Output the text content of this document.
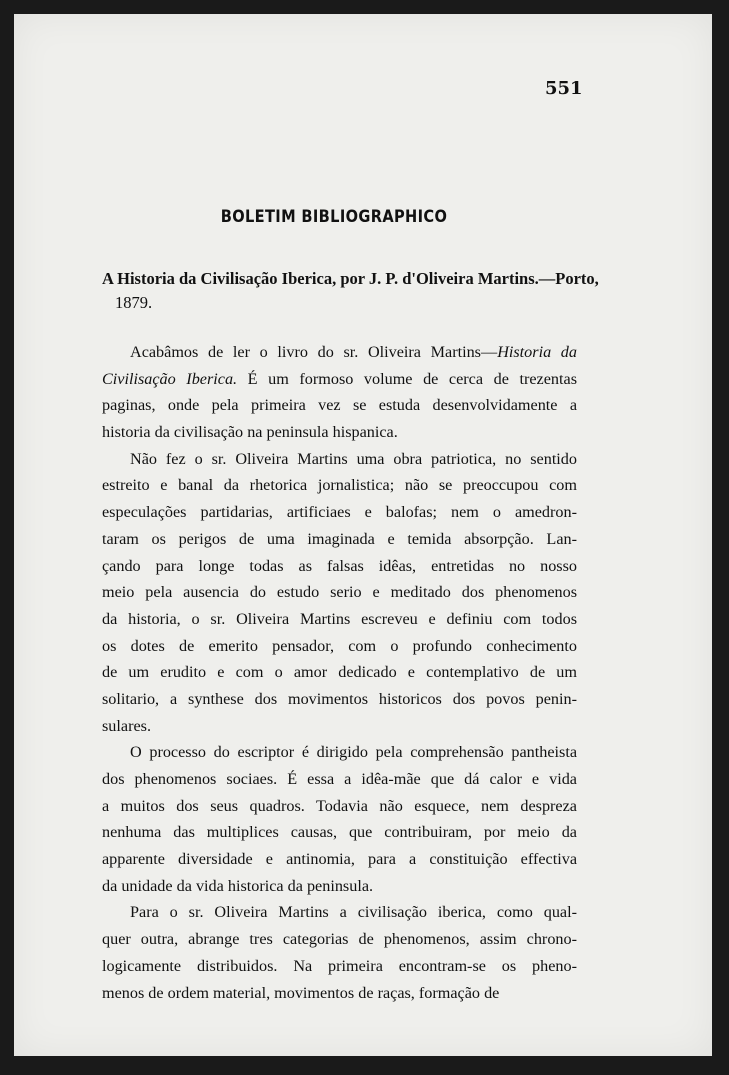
551
BOLETIM BIBLIOGRAPHICO
A Historia da Civilisação Iberica, por J. P. d'Oliveira Martins.—Porto,
1879.
Acabâmos de ler o livro do sr. Oliveira Martins—Historia da
Civilisação Iberica. É um formoso volume de cerca de trezentas
paginas, onde pela primeira vez se estuda desenvolvidamente a
historia da civilisação na peninsula hispanica.
Não fez o sr. Oliveira Martins uma obra patriotica, no sentido
estreito e banal da rhetorica jornalistica; não se preoccupou com
especulações partidarias, artificiaes e balofas; nem o amedron-
taram os perigos de uma imaginada e temida absorpção. Lan-
çando para longe todas as falsas idêas, entretidas no nosso
meio pela ausencia do estudo serio e meditado dos phenomenos
da historia, o sr. Oliveira Martins escreveu e definiu com todos
os dotes de emerito pensador, com o profundo conhecimento
de um erudito e com o amor dedicado e contemplativo de um
solitario, a synthese dos movimentos historicos dos povos penin-
sulares.
O processo do escriptor é dirigido pela comprehensão pantheista
dos phenomenos sociaes. É essa a idêa-mãe que dá calor e vida
a muitos dos seus quadros. Todavia não esquece, nem despreza
nenhuma das multiplices causas, que contribuiram, por meio da
apparente diversidade e antinomia, para a constituição effectiva
da unidade da vida historica da peninsula.
Para o sr. Oliveira Martins a civilisação iberica, como qual-
quer outra, abrange tres categorias de phenomenos, assim chrono-
logicamente distribuidos. Na primeira encontram-se os pheno-
menos de ordem material, movimentos de raças, formação de
